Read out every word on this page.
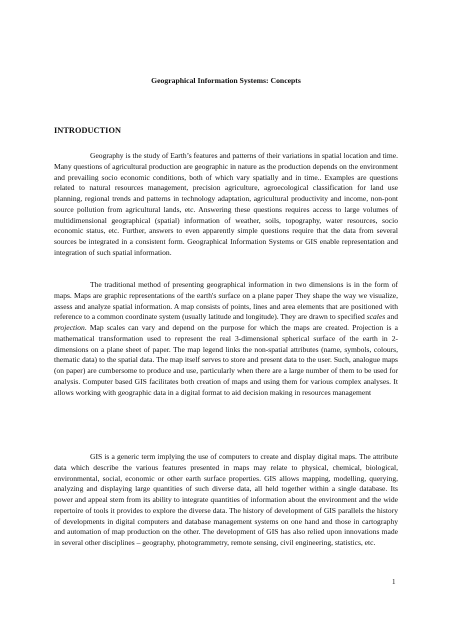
Geographical Information Systems: Concepts
INTRODUCTION

Geography is the study of Earth’s features and patterns of their variations in spatial location and time. Many questions of agricultural production are geographic in nature as the production depends on the environment and prevailing socio economic conditions, both of which vary spatially and in time.. Examples are questions related to natural resources management, precision agriculture, agroecological classification for land use planning, regional trends and patterns in technology adaptation, agricultural productivity and income, non-pont source pollution from agricultural lands, etc. Answering these questions requires access to large volumes of multidimensional geographical (spatial) information of weather, soils, topography, water resources, socio economic status, etc. Further, answers to even apparently simple questions require that the data from several sources be integrated in a consistent form. Geographical Information Systems or GIS enable representation and integration of such spatial information.

The traditional method of presenting geographical information in two dimensions is in the form of maps. Maps are graphic representations of the earth's surface on a plane paper They shape the way we visualize, assess and analyze spatial information. A map consists of points, lines and area elements that are positioned with reference to a common coordinate system (usually latitude and longitude). They are drawn to specified scales and projection. Map scales can vary and depend on the purpose for which the maps are created. Projection is a mathematical transformation used to represent the real 3-dimensional spherical surface of the earth in 2-dimensions on a plane sheet of paper. The map legend links the non-spatial attributes (name, symbols, colours, thematic data) to the spatial data. The map itself serves to store and present data to the user. Such, analogue maps (on paper) are cumbersome to produce and use, particularly when there are a large number of them to be used for analysis. Computer based GIS facilitates both creation of maps and using them for various complex analyses. It allows working with geographic data in a digital format to aid decision making in resources management

GIS is a generic term implying the use of computers to create and display digital maps. The attribute data which describe the various features presented in maps may relate to physical, chemical, biological, environmental, social, economic or other earth surface properties. GIS allows mapping, modelling, querying, analyzing and displaying large quantities of such diverse data, all held together within a single database. Its power and appeal stem from its ability to integrate quantities of information about the environment and the wide repertoire of tools it provides to explore the diverse data. The history of development of GIS parallels the history of developments in digital computers and database management systems on one hand and those in cartography and automation of map production on the other. The development of GIS has also relied upon innovations made in several other disciplines – geography, photogrammetry, remote sensing, civil engineering, statistics, etc.

1
